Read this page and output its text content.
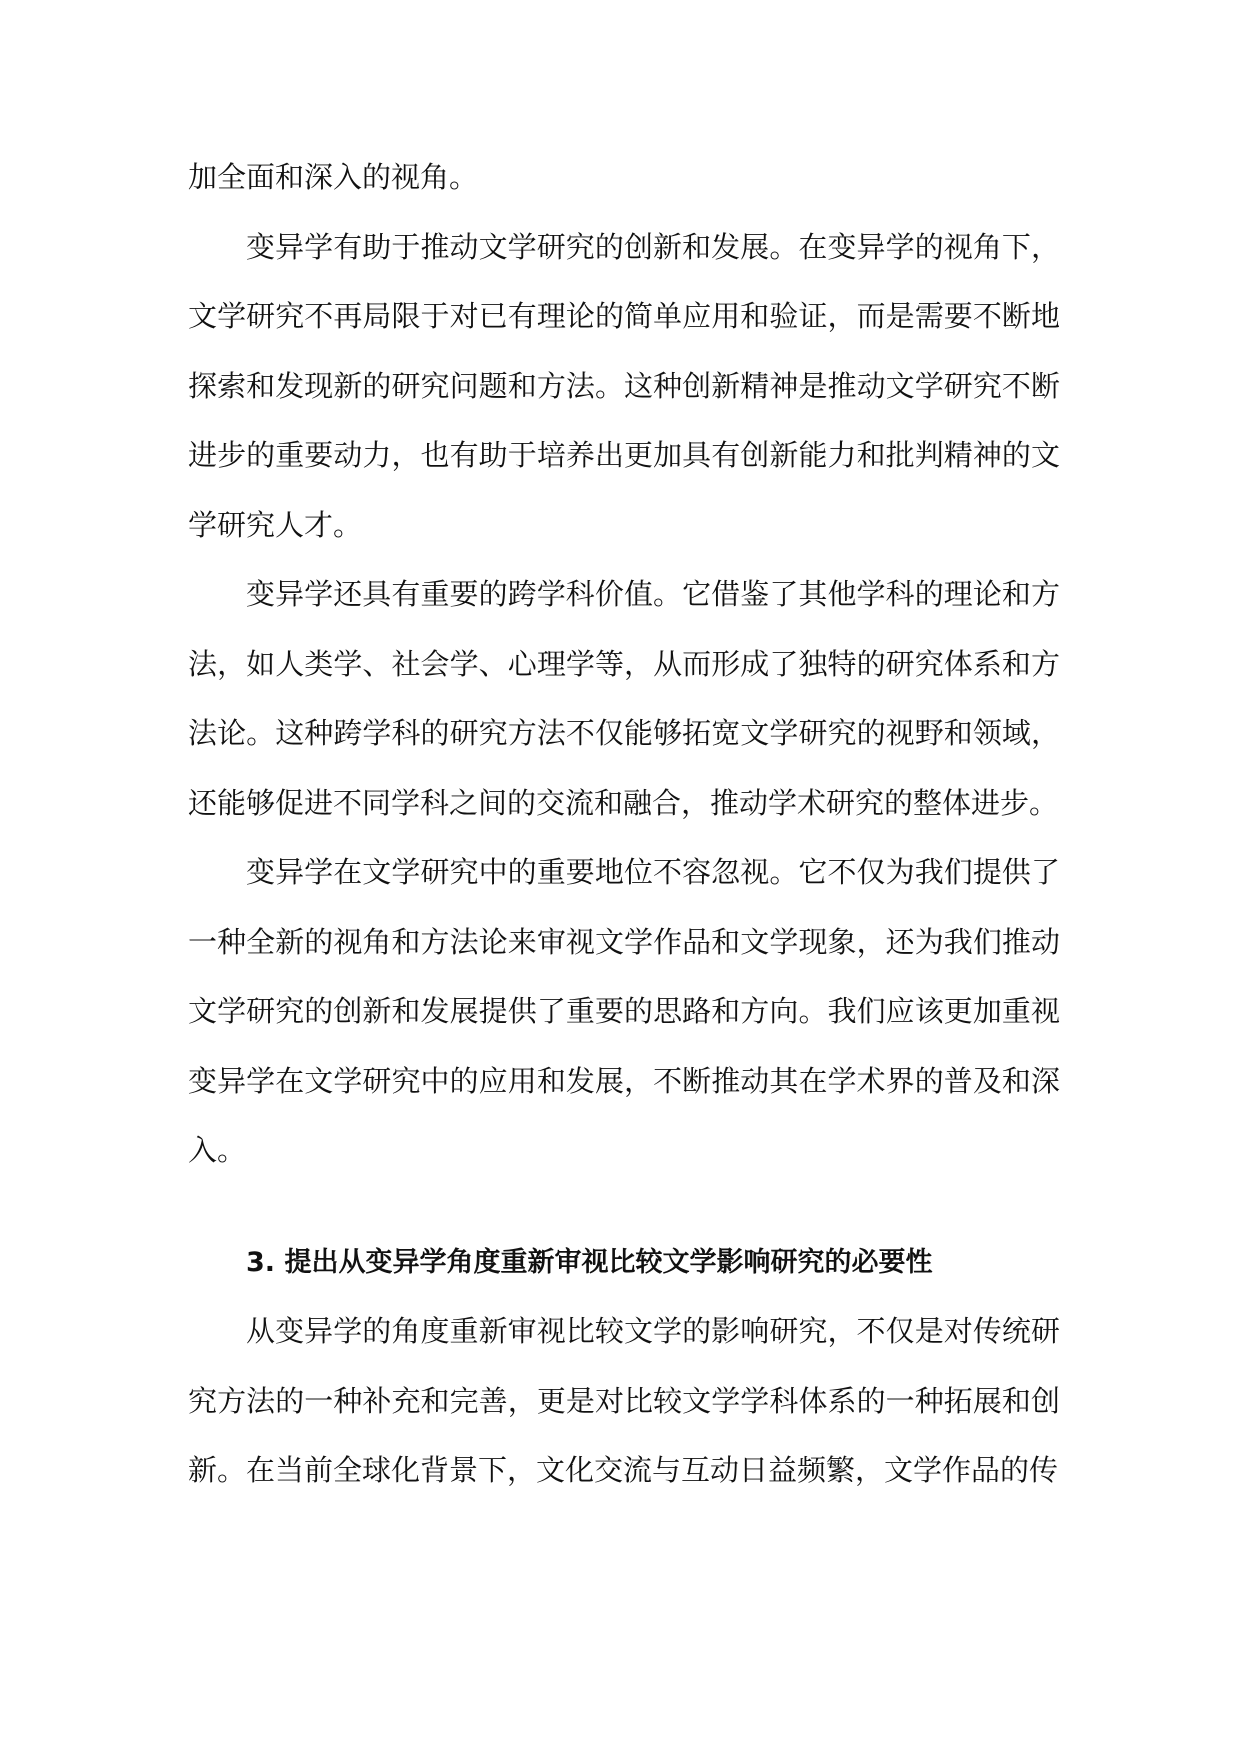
加全面和深入的视角。

变异学有助于推动文学研究的创新和发展。在变异学的视角下，文学研究不再局限于对已有理论的简单应用和验证，而是需要不断地探索和发现新的研究问题和方法。这种创新精神是推动文学研究不断进步的重要动力，也有助于培养出更加具有创新能力和批判精神的文学研究人才。

变异学还具有重要的跨学科价值。它借鉴了其他学科的理论和方法，如人类学、社会学、心理学等，从而形成了独特的研究体系和方法论。这种跨学科的研究方法不仅能够拓宽文学研究的视野和领域，还能够促进不同学科之间的交流和融合，推动学术研究的整体进步。

变异学在文学研究中的重要地位不容忽视。它不仅为我们提供了一种全新的视角和方法论来审视文学作品和文学现象，还为我们推动文学研究的创新和发展提供了重要的思路和方向。我们应该更加重视变异学在文学研究中的应用和发展，不断推动其在学术界的普及和深入。

3. 提出从变异学角度重新审视比较文学影响研究的必要性

从变异学的角度重新审视比较文学的影响研究，不仅是对传统研究方法的一种补充和完善，更是对比较文学学科体系的一种拓展和创新。在当前全球化背景下，文化交流与互动日益频繁，文学作品的传
